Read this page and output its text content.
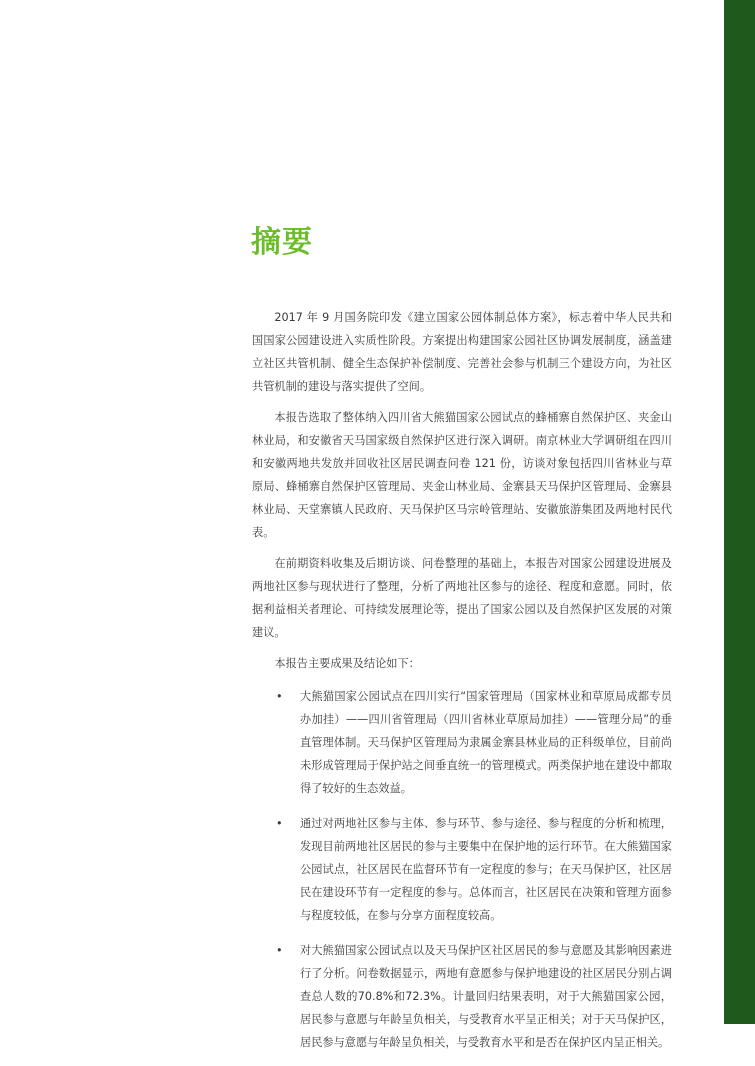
摘要

2017 年 9 月国务院印发《建立国家公园体制总体方案》，标志着中华人民共和国国家公园建设进入实质性阶段。方案提出构建国家公园社区协调发展制度，涵盖建立社区共管机制、健全生态保护补偿制度、完善社会参与机制三个建设方向，为社区共管机制的建设与落实提供了空间。

本报告选取了整体纳入四川省大熊猫国家公园试点的蜂桶寨自然保护区、夹金山林业局，和安徽省天马国家级自然保护区进行深入调研。南京林业大学调研组在四川和安徽两地共发放并回收社区居民调查问卷 121 份，访谈对象包括四川省林业与草原局、蜂桶寨自然保护区管理局、夹金山林业局、金寨县天马保护区管理局、金寨县林业局、天堂寨镇人民政府、天马保护区马宗岭管理站、安徽旅游集团及两地村民代表。

在前期资料收集及后期访谈、问卷整理的基础上，本报告对国家公园建设进展及两地社区参与现状进行了整理，分析了两地社区参与的途径、程度和意愿。同时，依据利益相关者理论、可持续发展理论等，提出了国家公园以及自然保护区发展的对策建议。

本报告主要成果及结论如下：

• 大熊猫国家公园试点在四川实行“国家管理局（国家林业和草原局成都专员办加挂）——四川省管理局（四川省林业草原局加挂）——管理分局”的垂直管理体制。天马保护区管理局为隶属金寨县林业局的正科级单位，目前尚未形成管理局于保护站之间垂直统一的管理模式。两类保护地在建设中都取得了较好的生态效益。
• 通过对两地社区参与主体、参与环节、参与途径、参与程度的分析和梳理，发现目前两地社区居民的参与主要集中在保护地的运行环节。在大熊猫国家公园试点，社区居民在监督环节有一定程度的参与；在天马保护区，社区居民在建设环节有一定程度的参与。总体而言，社区居民在决策和管理方面参与程度较低，在参与分享方面程度较高。
• 对大熊猫国家公园试点以及天马保护区社区居民的参与意愿及其影响因素进行了分析。问卷数据显示，两地有意愿参与保护地建设的社区居民分别占调查总人数的70.8%和72.3%。计量回归结果表明，对于大熊猫国家公园，居民参与意愿与年龄呈负相关，与受教育水平呈正相关；对于天马保护区，居民参与意愿与年龄呈负相关，与受教育水平和是否在保护区内呈正相关。
